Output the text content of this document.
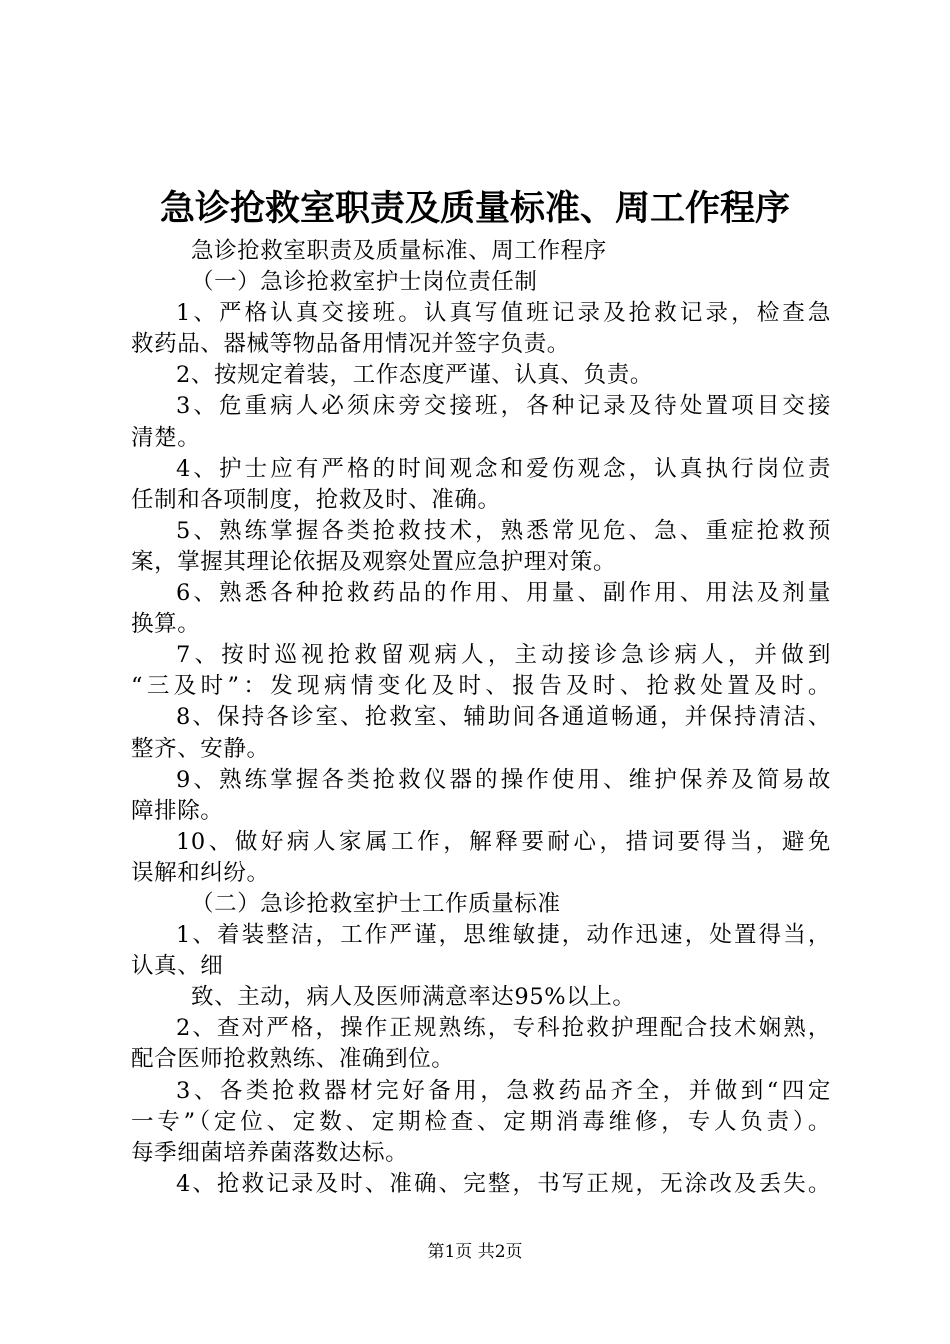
急诊抢救室职责及质量标准、周工作程序
急诊抢救室职责及质量标准、周工作程序
（一）急诊抢救室护士岗位责任制
1、严格认真交接班。认真写值班记录及抢救记录，检查急
救药品、器械等物品备用情况并签字负责。
2、按规定着装，工作态度严谨、认真、负责。
3、危重病人必须床旁交接班，各种记录及待处置项目交接
清楚。
4、护士应有严格的时间观念和爱伤观念，认真执行岗位责
任制和各项制度，抢救及时、准确。
5、熟练掌握各类抢救技术，熟悉常见危、急、重症抢救预
案，掌握其理论依据及观察处置应急护理对策。
6、熟悉各种抢救药品的作用、用量、副作用、用法及剂量
换算。
7、按时巡视抢救留观病人，主动接诊急诊病人，并做到
“三及时”：发现病情变化及时、报告及时、抢救处置及时。
8、保持各诊室、抢救室、辅助间各通道畅通，并保持清洁、
整齐、安静。
9、熟练掌握各类抢救仪器的操作使用、维护保养及简易故
障排除。
10、做好病人家属工作，解释要耐心，措词要得当，避免
误解和纠纷。
（二）急诊抢救室护士工作质量标准
1、着装整洁，工作严谨，思维敏捷，动作迅速，处置得当，
认真、细
致、主动，病人及医师满意率达95%以上。
2、查对严格，操作正规熟练，专科抢救护理配合技术娴熟，
配合医师抢救熟练、准确到位。
3、各类抢救器材完好备用，急救药品齐全，并做到“四定
一专”（定位、定数、定期检查、定期消毒维修，专人负责）。
每季细菌培养菌落数达标。
4、抢救记录及时、准确、完整，书写正规，无涂改及丢失。
第1页 共2页
